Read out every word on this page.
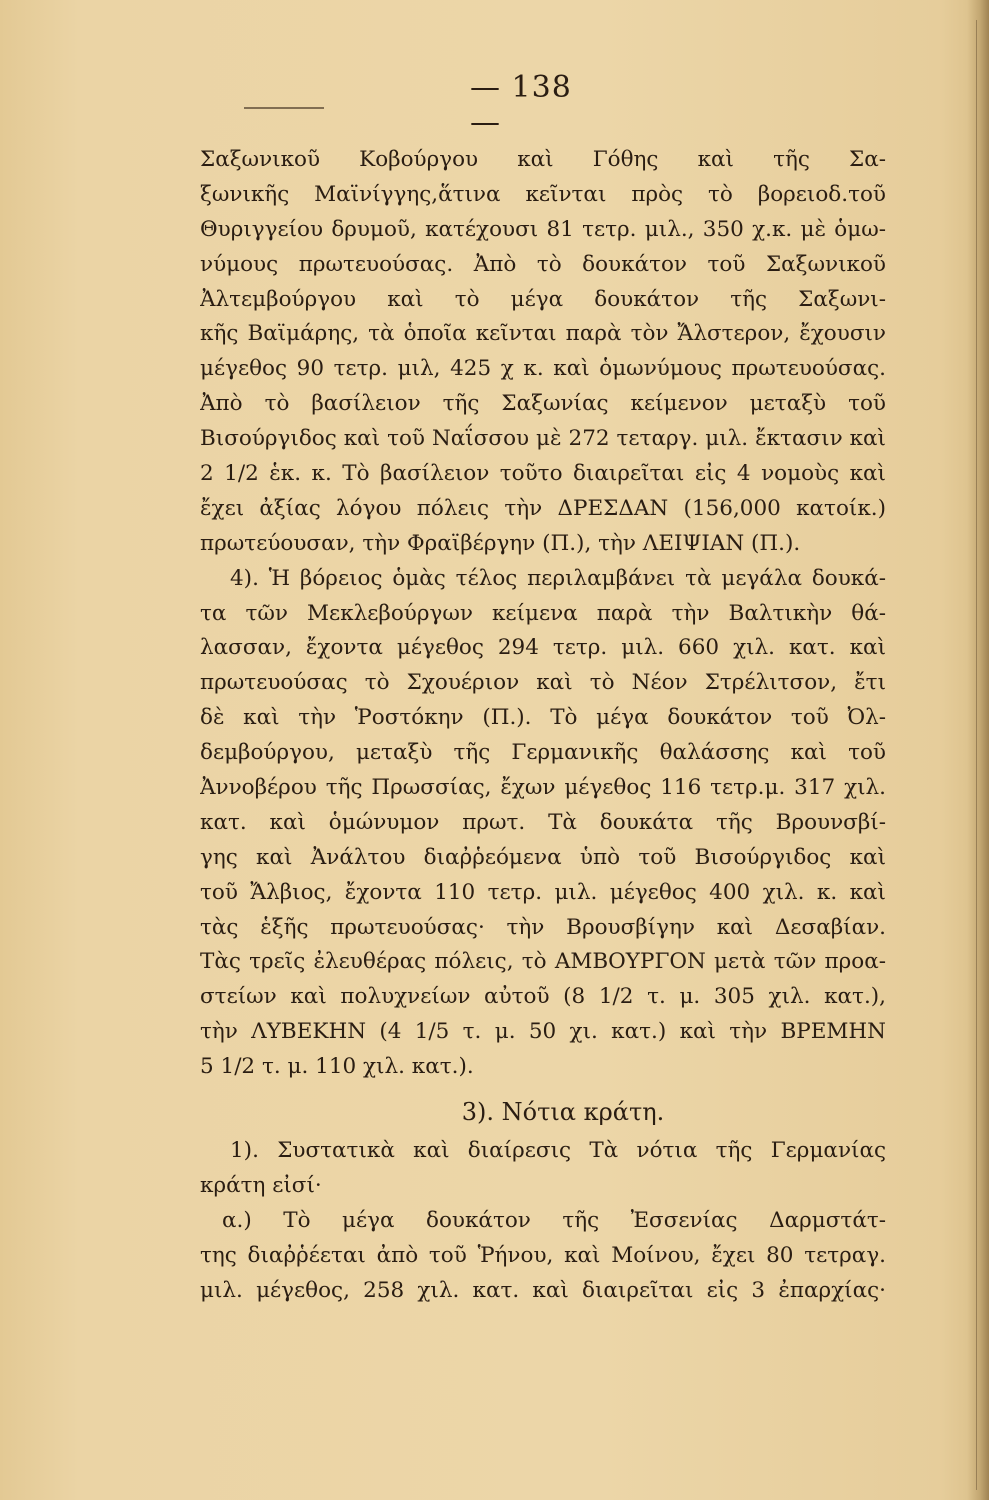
— 138 —
Σαξωνικοῦ Κοβούργου καὶ Γόθης καὶ τῆς Σα-
ξωνικῆς Μαϊνίγγης,ἅτινα κεῖνται πρὸς τὸ βορειοδ.τοῦ
Θυριγγείου δρυμοῦ, κατέχουσι 81 τετρ. μιλ., 350 χ.κ. μὲ ὁμω-
νύμους πρωτευούσας. Ἀπὸ τὸ δουκάτον τοῦ Σαξωνικοῦ
Ἀλτεμβούργου καὶ τὸ μέγα δουκάτον τῆς Σαξωνι-
κῆς Βαϊμάρης, τὰ ὁποῖα κεῖνται παρὰ τὸν Ἄλστερον, ἔχουσιν
μέγεθος 90 τετρ. μιλ, 425 χ κ. καὶ ὁμωνύμους πρωτευούσας.
Ἀπὸ τὸ βασίλειον τῆς Σαξωνίας κείμενον μεταξὺ τοῦ
Βισούργιδος καὶ τοῦ Ναΐσσου μὲ 272 τεταργ. μιλ. ἔκτασιν καὶ
2 1/2 ἑκ. κ. Τὸ βασίλειον τοῦτο διαιρεῖται εἰς 4 νομοὺς καὶ
ἔχει ἀξίας λόγου πόλεις τὴν ΔΡΕΣΔΑΝ (156,000 κατοίκ.)
πρωτεύουσαν, τὴν Φραϊβέργην (Π.), τὴν ΛΕΙΨΙΑΝ (Π.).
4). Ἡ βόρειος ὁμὰς τέλος περιλαμβάνει τὰ μεγάλα δουκά-
τα τῶν Μεκλεβούργων κείμενα παρὰ τὴν Βαλτικὴν θά-
λασσαν, ἔχοντα μέγεθος 294 τετρ. μιλ. 660 χιλ. κατ. καὶ
πρωτευούσας τὸ Σχουέριον καὶ τὸ Νέον Στρέλιτσον, ἔτι
δὲ καὶ τὴν Ῥοστόκην (Π.). Τὸ μέγα δουκάτον τοῦ Ὀλ-
δεμβούργου, μεταξὺ τῆς Γερμανικῆς θαλάσσης καὶ τοῦ
Ἀννοβέρου τῆς Πρωσσίας, ἔχων μέγεθος 116 τετρ.μ. 317 χιλ.
κατ. καὶ ὁμώνυμον πρωτ. Τὰ δουκάτα τῆς Βρουνσβί-
γης καὶ Ἀνάλτου διαῤῥεόμενα ὑπὸ τοῦ Βισούργιδος καὶ
τοῦ Ἄλβιος, ἔχοντα 110 τετρ. μιλ. μέγεθος 400 χιλ. κ. καὶ
τὰς ἑξῆς πρωτευούσας· τὴν Βρουσβίγην καὶ Δεσαβίαν.
Τὰς τρεῖς ἐλευθέρας πόλεις, τὸ ΑΜΒΟΥΡΓΟΝ μετὰ τῶν προα-
στείων καὶ πολυχνείων αὐτοῦ (8 1/2 τ. μ. 305 χιλ. κατ.),
τὴν ΛΥΒΕΚΗΝ (4 1/5 τ. μ. 50 χι. κατ.) καὶ τὴν ΒΡΕΜΗΝ
5 1/2 τ. μ. 110 χιλ. κατ.).
3). Νότια κράτη.
1). Συστατικὰ καὶ διαίρεσις Τὰ νότια τῆς Γερμανίας
κράτη εἰσί·
α.) Τὸ μέγα δουκάτον τῆς Ἐσσενίας Δαρμστάτ-
της διαῤῥέεται ἀπὸ τοῦ Ῥήνου, καὶ Μοίνου, ἔχει 80 τετραγ.
μιλ. μέγεθος, 258 χιλ. κατ. καὶ διαιρεῖται εἰς 3 ἐπαρχίας·
